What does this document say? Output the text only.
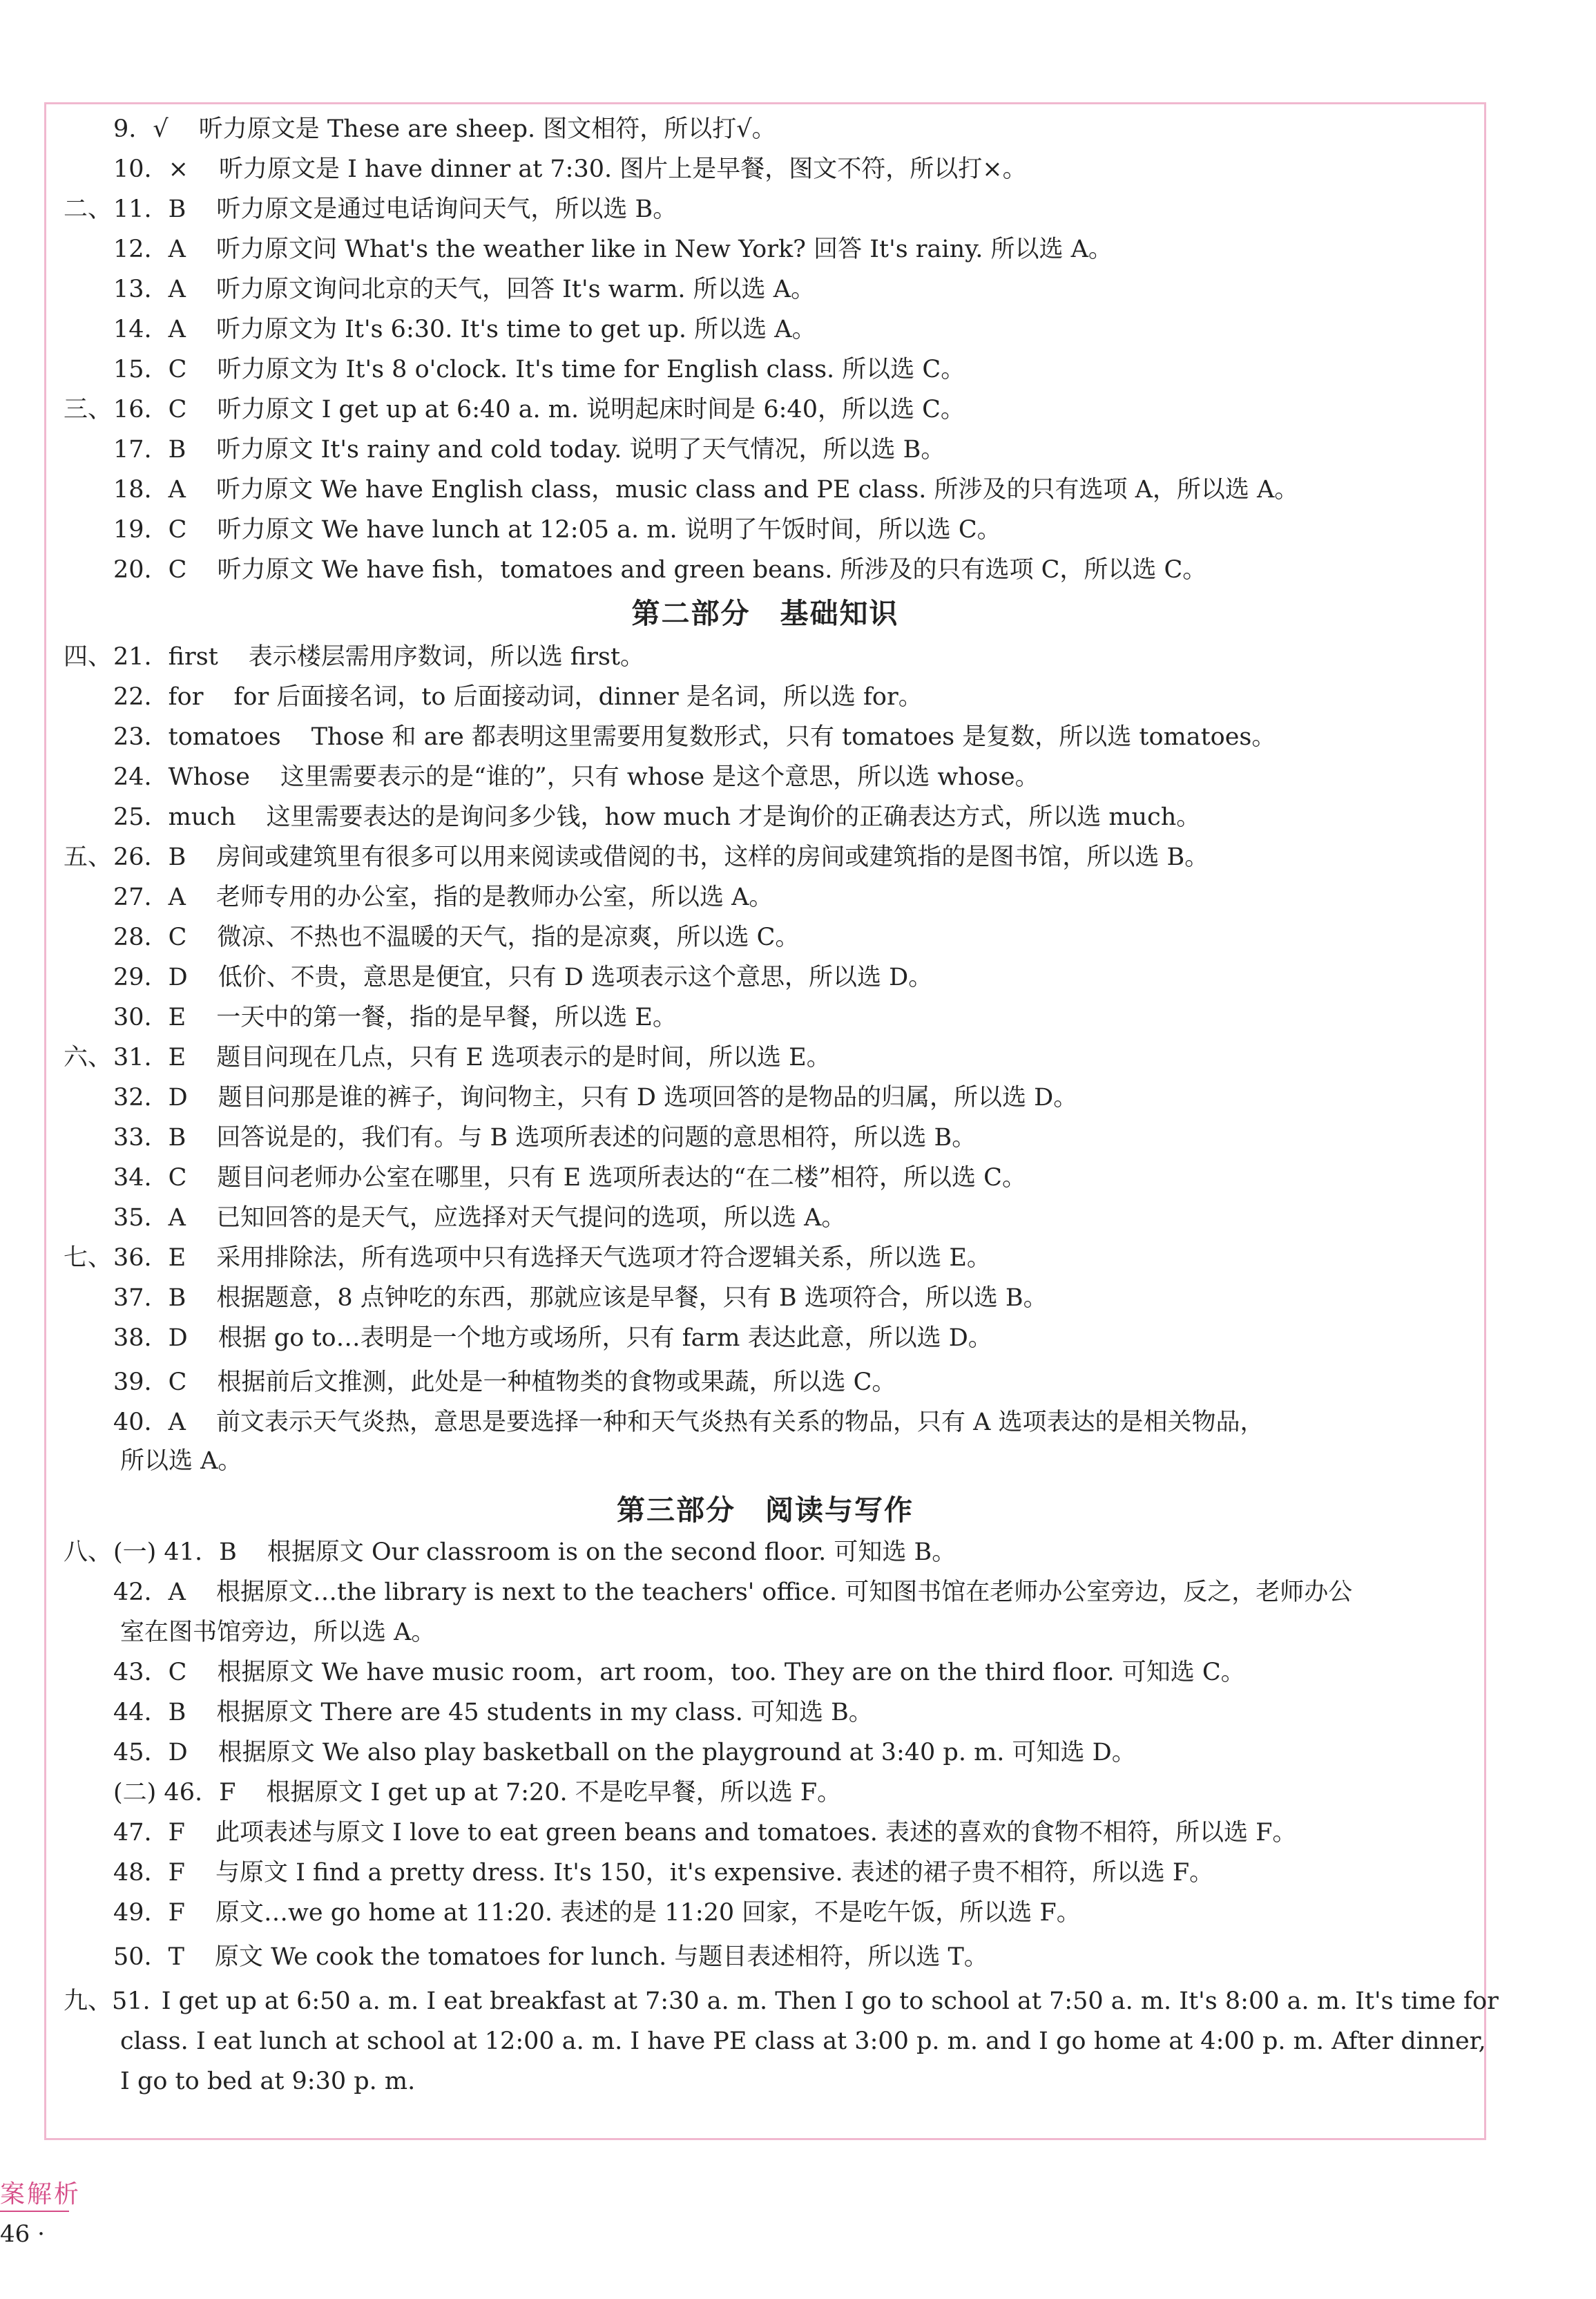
9. √ 听力原文是 These are sheep. 图文相符，所以打√。
10. × 听力原文是 I have dinner at 7:30. 图片上是早餐，图文不符，所以打×。
二、 11. B 听力原文是通过电话询问天气，所以选 B。
12. A 听力原文问 What's the weather like in New York? 回答 It's rainy. 所以选 A。
13. A 听力原文询问北京的天气，回答 It's warm. 所以选 A。
14. A 听力原文为 It's 6:30. It's time to get up. 所以选 A。
15. C 听力原文为 It's 8 o'clock. It's time for English class. 所以选 C。
三、 16. C 听力原文 I get up at 6:40 a. m. 说明起床时间是 6:40，所以选 C。
17. B 听力原文 It's rainy and cold today. 说明了天气情况，所以选 B。
18. A 听力原文 We have English class，music class and PE class. 所涉及的只有选项 A，所以选 A。
19. C 听力原文 We have lunch at 12:05 a. m. 说明了午饭时间，所以选 C。
20. C 听力原文 We have fish，tomatoes and green beans. 所涉及的只有选项 C，所以选 C。
第二部分　基础知识
四、 21. first 表示楼层需用序数词，所以选 first。
22. for for 后面接名词，to 后面接动词，dinner 是名词，所以选 for。
23. tomatoes Those 和 are 都表明这里需要用复数形式，只有 tomatoes 是复数，所以选 tomatoes。
24. Whose 这里需要表示的是“谁的”，只有 whose 是这个意思，所以选 whose。
25. much 这里需要表达的是询问多少钱，how much 才是询价的正确表达方式，所以选 much。
五、 26. B 房间或建筑里有很多可以用来阅读或借阅的书，这样的房间或建筑指的是图书馆，所以选 B。
27. A 老师专用的办公室，指的是教师办公室，所以选 A。
28. C 微凉、不热也不温暖的天气，指的是凉爽，所以选 C。
29. D 低价、不贵，意思是便宜，只有 D 选项表示这个意思，所以选 D。
30. E 一天中的第一餐，指的是早餐，所以选 E。
六、 31. E 题目问现在几点，只有 E 选项表示的是时间，所以选 E。
32. D 题目问那是谁的裤子，询问物主，只有 D 选项回答的是物品的归属，所以选 D。
33. B 回答说是的，我们有。与 B 选项所表述的问题的意思相符，所以选 B。
34. C 题目问老师办公室在哪里，只有 E 选项所表达的“在二楼”相符，所以选 C。
35. A 已知回答的是天气，应选择对天气提问的选项，所以选 A。
七、 36. E 采用排除法，所有选项中只有选择天气选项才符合逻辑关系，所以选 E。
37. B 根据题意，8 点钟吃的东西，那就应该是早餐，只有 B 选项符合，所以选 B。
38. D 根据 go to…表明是一个地方或场所，只有 farm 表达此意，所以选 D。
39. C 根据前后文推测，此处是一种植物类的食物或果蔬，所以选 C。
40. A 前文表示天气炎热，意思是要选择一种和天气炎热有关系的物品，只有 A 选项表达的是相关物品，
所以选 A。
第三部分　阅读与写作
八、 (一) 41. B 根据原文 Our classroom is on the second floor. 可知选 B。
42. A 根据原文…the library is next to the teachers' office. 可知图书馆在老师办公室旁边，反之，老师办公
室在图书馆旁边，所以选 A。
43. C 根据原文 We have music room，art room，too. They are on the third floor. 可知选 C。
44. B 根据原文 There are 45 students in my class. 可知选 B。
45. D 根据原文 We also play basketball on the playground at 3:40 p. m. 可知选 D。
(二) 46. F 根据原文 I get up at 7:20. 不是吃早餐，所以选 F。
47. F 此项表述与原文 I love to eat green beans and tomatoes. 表述的喜欢的食物不相符，所以选 F。
48. F 与原文 I find a pretty dress. It's 150，it's expensive. 表述的裙子贵不相符，所以选 F。
49. F 原文…we go home at 11:20. 表述的是 11:20 回家，不是吃午饭，所以选 F。
50. T 原文 We cook the tomatoes for lunch. 与题目表述相符，所以选 T。
九、 51. I get up at 6:50 a. m. I eat breakfast at 7:30 a. m. Then I go to school at 7:50 a. m. It's 8:00 a. m. It's time for
class. I eat lunch at school at 12:00 a. m. I have PE class at 3:00 p. m. and I go home at 4:00 p. m. After dinner,
I go to bed at 9:30 p. m.
案解析
46 ·
